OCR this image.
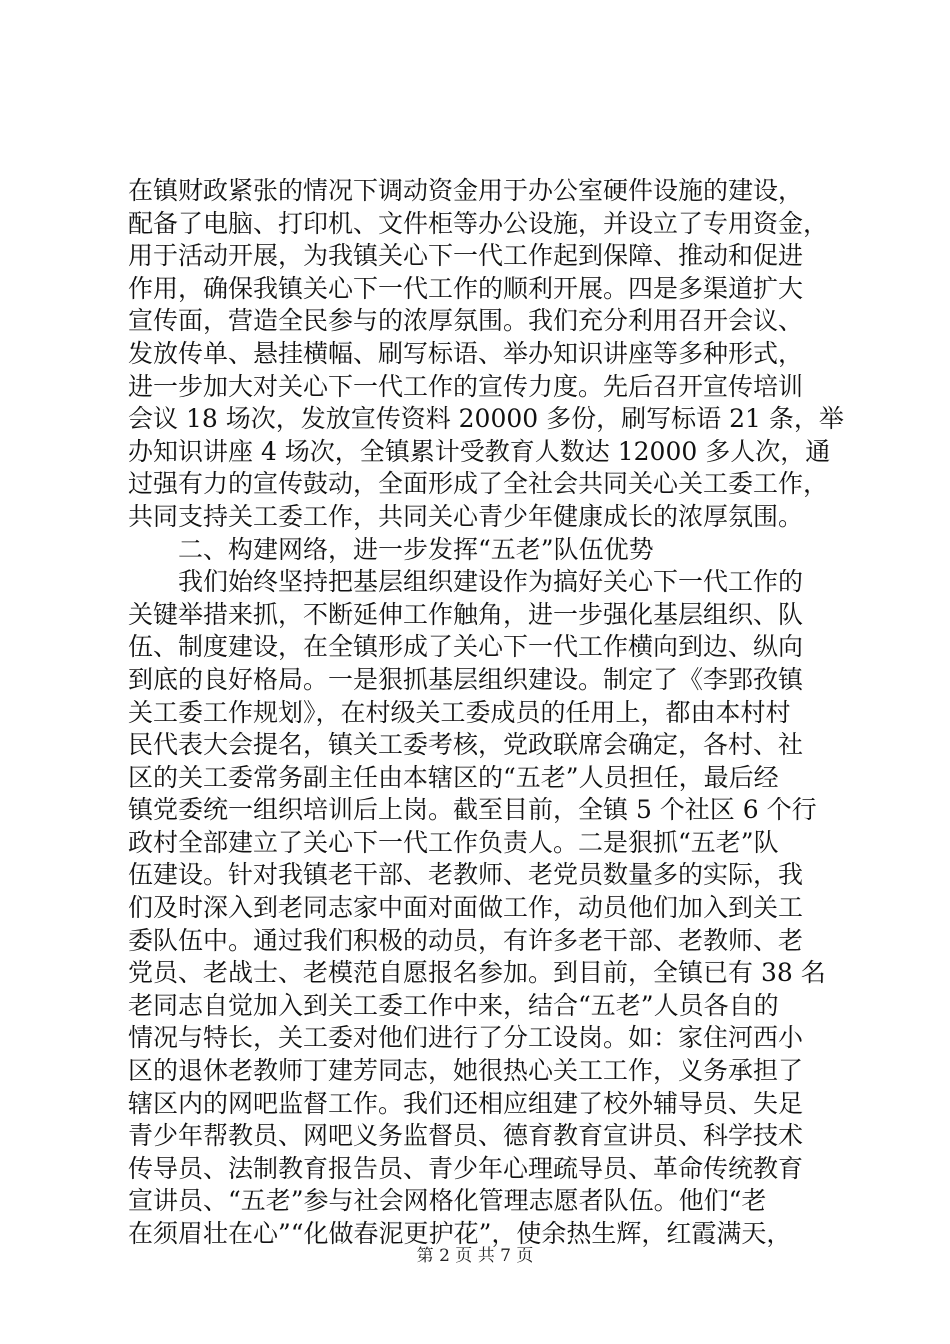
在镇财政紧张的情况下调动资金用于办公室硬件设施的建设，
配备了电脑、打印机、文件柜等办公设施，并设立了专用资金，
用于活动开展，为我镇关心下一代工作起到保障、推动和促进
作用，确保我镇关心下一代工作的顺利开展。四是多渠道扩大
宣传面，营造全民参与的浓厚氛围。我们充分利用召开会议、
发放传单、悬挂横幅、刷写标语、举办知识讲座等多种形式，
进一步加大对关心下一代工作的宣传力度。先后召开宣传培训
会议 18 场次，发放宣传资料 20000 多份，刷写标语 21 条，举
办知识讲座 4 场次，全镇累计受教育人数达 12000 多人次，通
过强有力的宣传鼓动，全面形成了全社会共同关心关工委工作，
共同支持关工委工作，共同关心青少年健康成长的浓厚氛围。
二、构建网络，进一步发挥“五老”队伍优势
我们始终坚持把基层组织建设作为搞好关心下一代工作的
关键举措来抓，不断延伸工作触角，进一步强化基层组织、队
伍、制度建设，在全镇形成了关心下一代工作横向到边、纵向
到底的良好格局。一是狠抓基层组织建设。制定了《李郢孜镇
关工委工作规划》，在村级关工委成员的任用上，都由本村村
民代表大会提名，镇关工委考核，党政联席会确定，各村、社
区的关工委常务副主任由本辖区的“五老”人员担任，最后经
镇党委统一组织培训后上岗。截至目前，全镇 5 个社区 6 个行
政村全部建立了关心下一代工作负责人。二是狠抓“五老”队
伍建设。针对我镇老干部、老教师、老党员数量多的实际，我
们及时深入到老同志家中面对面做工作，动员他们加入到关工
委队伍中。通过我们积极的动员，有许多老干部、老教师、老
党员、老战士、老模范自愿报名参加。到目前，全镇已有 38 名
老同志自觉加入到关工委工作中来，结合“五老”人员各自的
情况与特长，关工委对他们进行了分工设岗。如：家住河西小
区的退休老教师丁建芳同志，她很热心关工工作，义务承担了
辖区内的网吧监督工作。我们还相应组建了校外辅导员、失足
青少年帮教员、网吧义务监督员、德育教育宣讲员、科学技术
传导员、法制教育报告员、青少年心理疏导员、革命传统教育
宣讲员、“五老”参与社会网格化管理志愿者队伍。他们“老
在须眉壮在心”“化做春泥更护花”，使余热生辉，红霞满天，
第 2 页 共 7 页
